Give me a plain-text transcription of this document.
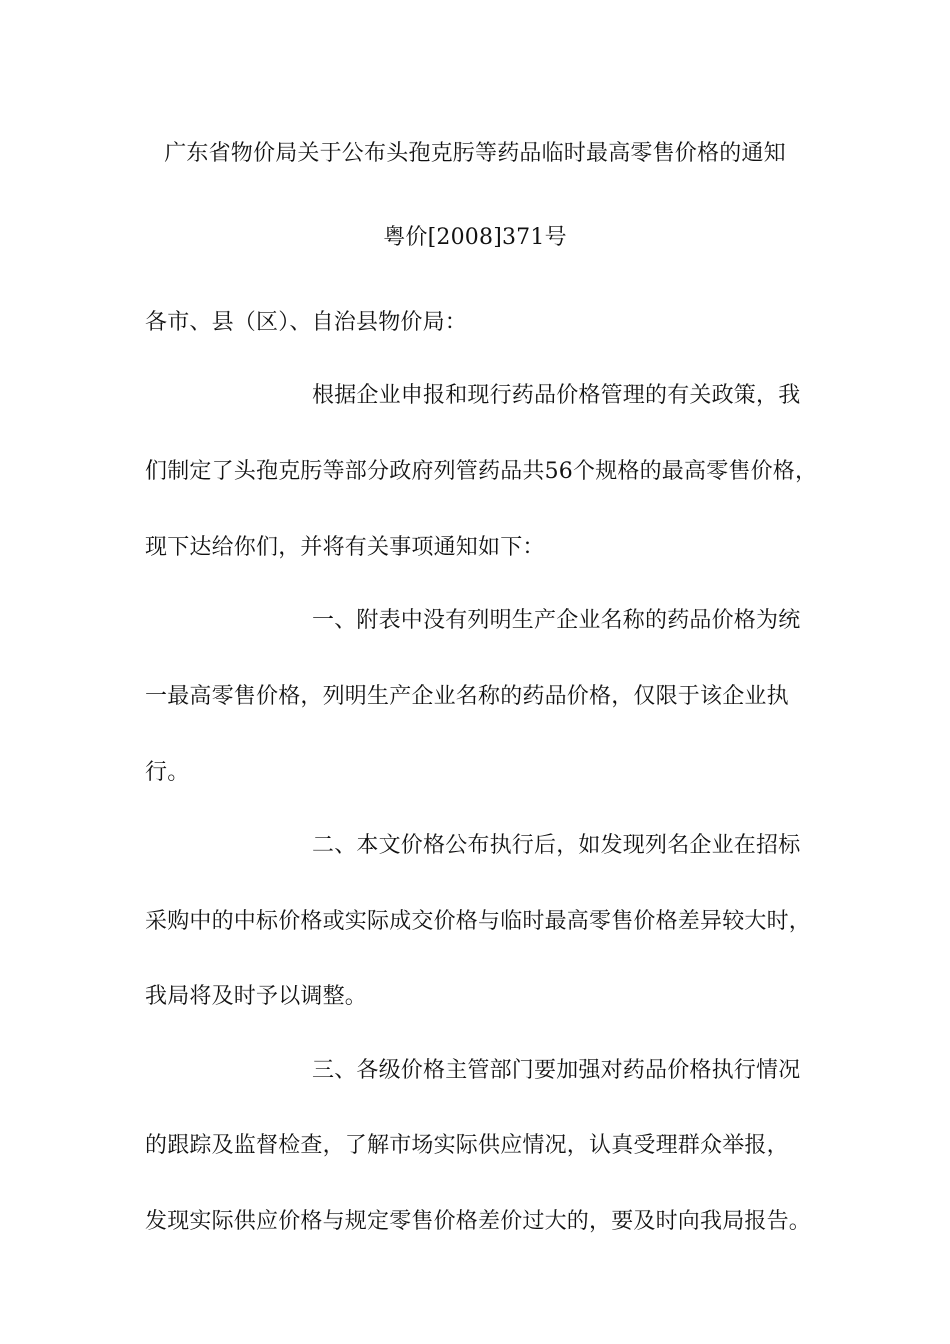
广东省物价局关于公布头孢克肟等药品临时最高零售价格的通知
粤价[2008]371号
各市、县（区）、自治县物价局：
根据企业申报和现行药品价格管理的有关政策，我
们制定了头孢克肟等部分政府列管药品共56个规格的最高零售价格，
现下达给你们，并将有关事项通知如下：
一、附表中没有列明生产企业名称的药品价格为统
一最高零售价格，列明生产企业名称的药品价格，仅限于该企业执
行。
二、本文价格公布执行后，如发现列名企业在招标
采购中的中标价格或实际成交价格与临时最高零售价格差异较大时，
我局将及时予以调整。
三、各级价格主管部门要加强对药品价格执行情况
的跟踪及监督检查，了解市场实际供应情况，认真受理群众举报，
发现实际供应价格与规定零售价格差价过大的，要及时向我局报告。
